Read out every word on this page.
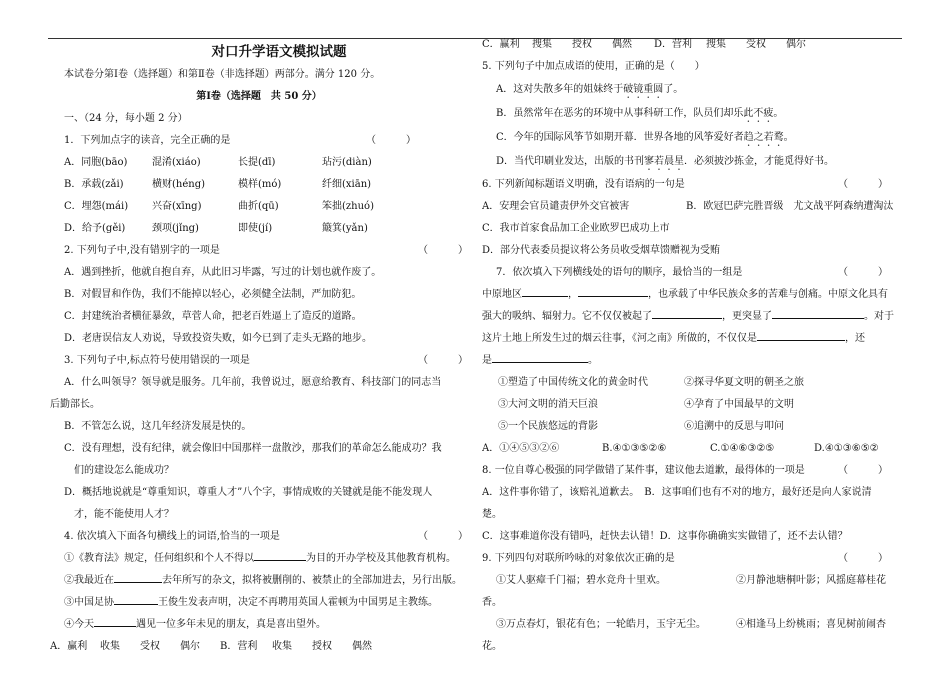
对口升学语文模拟试题
本试卷分第Ⅰ卷（选择题）和第Ⅱ卷（非选择题）两部分。满分 120 分。
第Ⅰ卷（选择题　共 50 分）
一、（24 分，每小题 2 分）
1．下列加点字的读音，完全正确的是	（　　　）
A．同胞(bāo) 混淆(xiáo)	长提(dī)	玷污(diàn)
B．承载(zǎi)	横财(héng)	模样(mó)	纤细(xiān)
C．埋怨(mái) 兴奋(xīng)	曲折(qū)	笨拙(zhuó)
D．给予(gěi)	颈项(jǐng)	即使(jí)	簸箕(yǎn)
2. 下列句子中,没有错别字的一项是	（　　　）
A．遇到挫折，他就自抱自弃，从此旧习毕露，写过的计划也就作废了。
B．对假冒和作伪，我们不能掉以轻心，必须健全法制，严加防犯。
C．封建统治者横征暴敛，草菅人命，把老百姓逼上了造反的道路。
D．老唐误信友人劝说，导致投资失败，如今已到了走头无路的地步。
3. 下列句子中,标点符号使用错误的一项是	（　　　）
A．什么叫领导？领导就是服务。几年前，我曾说过，愿意给教育、科技部门的同志当
后勤部长。
B．不管怎么说，这几年经济发展是快的。
C．没有理想，没有纪律，就会像旧中国那样一盘散沙，那我们的革命怎么能成功？我
们的建设怎么能成功？
D．概括地说就是“尊重知识，尊重人才”八个字，事情成败的关键就是能不能发现人
才，能不能使用人才？
4. 依次填入下面各句横线上的词语,恰当的一项是	（　　　）
①《教育法》规定，任何组织和个人不得以	为目的开办学校及其他教育机构。
②我最近在	去年所写的杂文，拟将被删削的、被禁止的全部加进去，另行出版。
③中国足协	王俊生发表声明，决定不再聘用英国人霍顿为中国男足主教练。
④今天	遇见一位多年未见的朋友，真是喜出望外。
A．赢利 收集 受权 偶尔 B．营利 收集 授权 偶然
C．赢利 搜集 授权 偶然 D．营利 搜集 受权 偶尔
5. 下列句子中加点成语的使用，正确的是（　　）
A．这对失散多年的姐妹终于破镜重圆了。
B．虽然常年在恶劣的环境中从事科研工作，队员们却乐此不疲。
C．今年的国际风筝节如期开幕．世界各地的风筝爱好者趋之若鹜。
D．当代印刷业发达，出版的书刊寥若晨星．必须披沙拣金，才能觅得好书。
6. 下列新闻标题语义明确，没有语病的一句是	（　　　）
A．安理会官员谴责伊外交官被害	B．欧冠巴萨完胜晋级　尤文战平阿森纳遭淘汰
C．我市首家食品加工企业欧罗巴成功上市
D．部分代表委员提议将公务员收受烟草馈赠视为受贿
7．依次填入下列横线处的语句的顺序，最恰当的一组是	（　　　）
中原地区	，	，也承载了中华民族众多的苦难与创痛。中原文化具有
强大的吸纳、辐射力。它不仅仅被起了	，更突显了	。对于
这片土地上所发生过的烟云往事，《河之南》所做的，不仅仅是	，还
是	。
①塑造了中国传统文化的黄金时代	②探寻华夏文明的朝圣之旅
③大河文明的消天巨浪	④孕育了中国最早的文明
⑤一个民族悠远的背影	⑥追溯中的反思与叩问
A．①④⑤③②⑥	B.④①③⑤②⑥	C.①④⑥③②⑤	D.④①③⑥⑤②
8. 一位自尊心极强的同学做错了某件事，建议他去道歉，最得体的一项是	（　　　）
A．这件事你错了，该赔礼道歉去。　B．这事咱们也有不对的地方，最好还是向人家说清
楚。
C．这事难道你没有错吗，赶快去认错！D．这事你确确实实做错了，还不去认错？
9. 下列四句对联所吟咏的对象依次正确的是	（　　　）
①艾人驱瘴千门福；碧水竞舟十里欢。	②月静池塘桐叶影；风摇庭幕桂花
香。
③万点春灯，银花有色；一轮皓月，玉宇无尘。	④相逢马上纷桃雨；喜见树前闹杏
花。
